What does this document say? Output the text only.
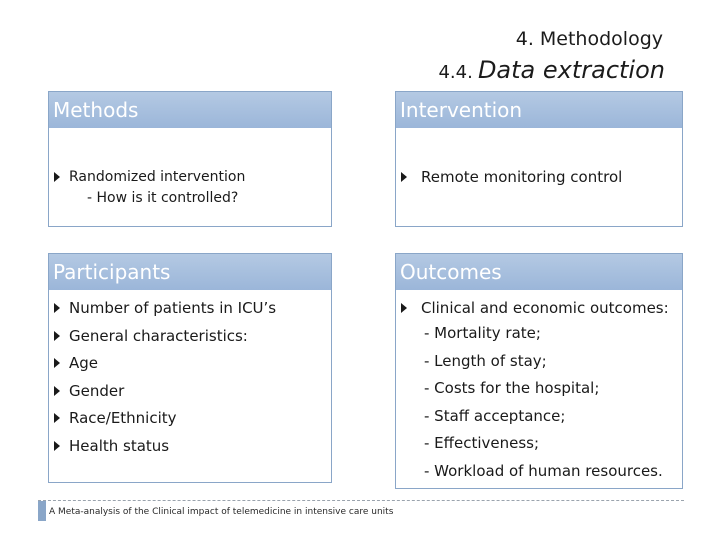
4. Methodology
4.4. Data extraction
Methods
Randomized intervention
- How is it controlled?
Intervention
Remote monitoring control
Participants
Number of patients in ICU’s
General characteristics:
Age
Gender
Race/Ethnicity
Health status
Outcomes
Clinical and economic outcomes:
- Mortality rate;
- Length of stay;
- Costs for the hospital;
- Staff acceptance;
- Effectiveness;
- Workload of human resources.
A Meta-analysis of the Clinical impact of telemedicine in intensive care units
